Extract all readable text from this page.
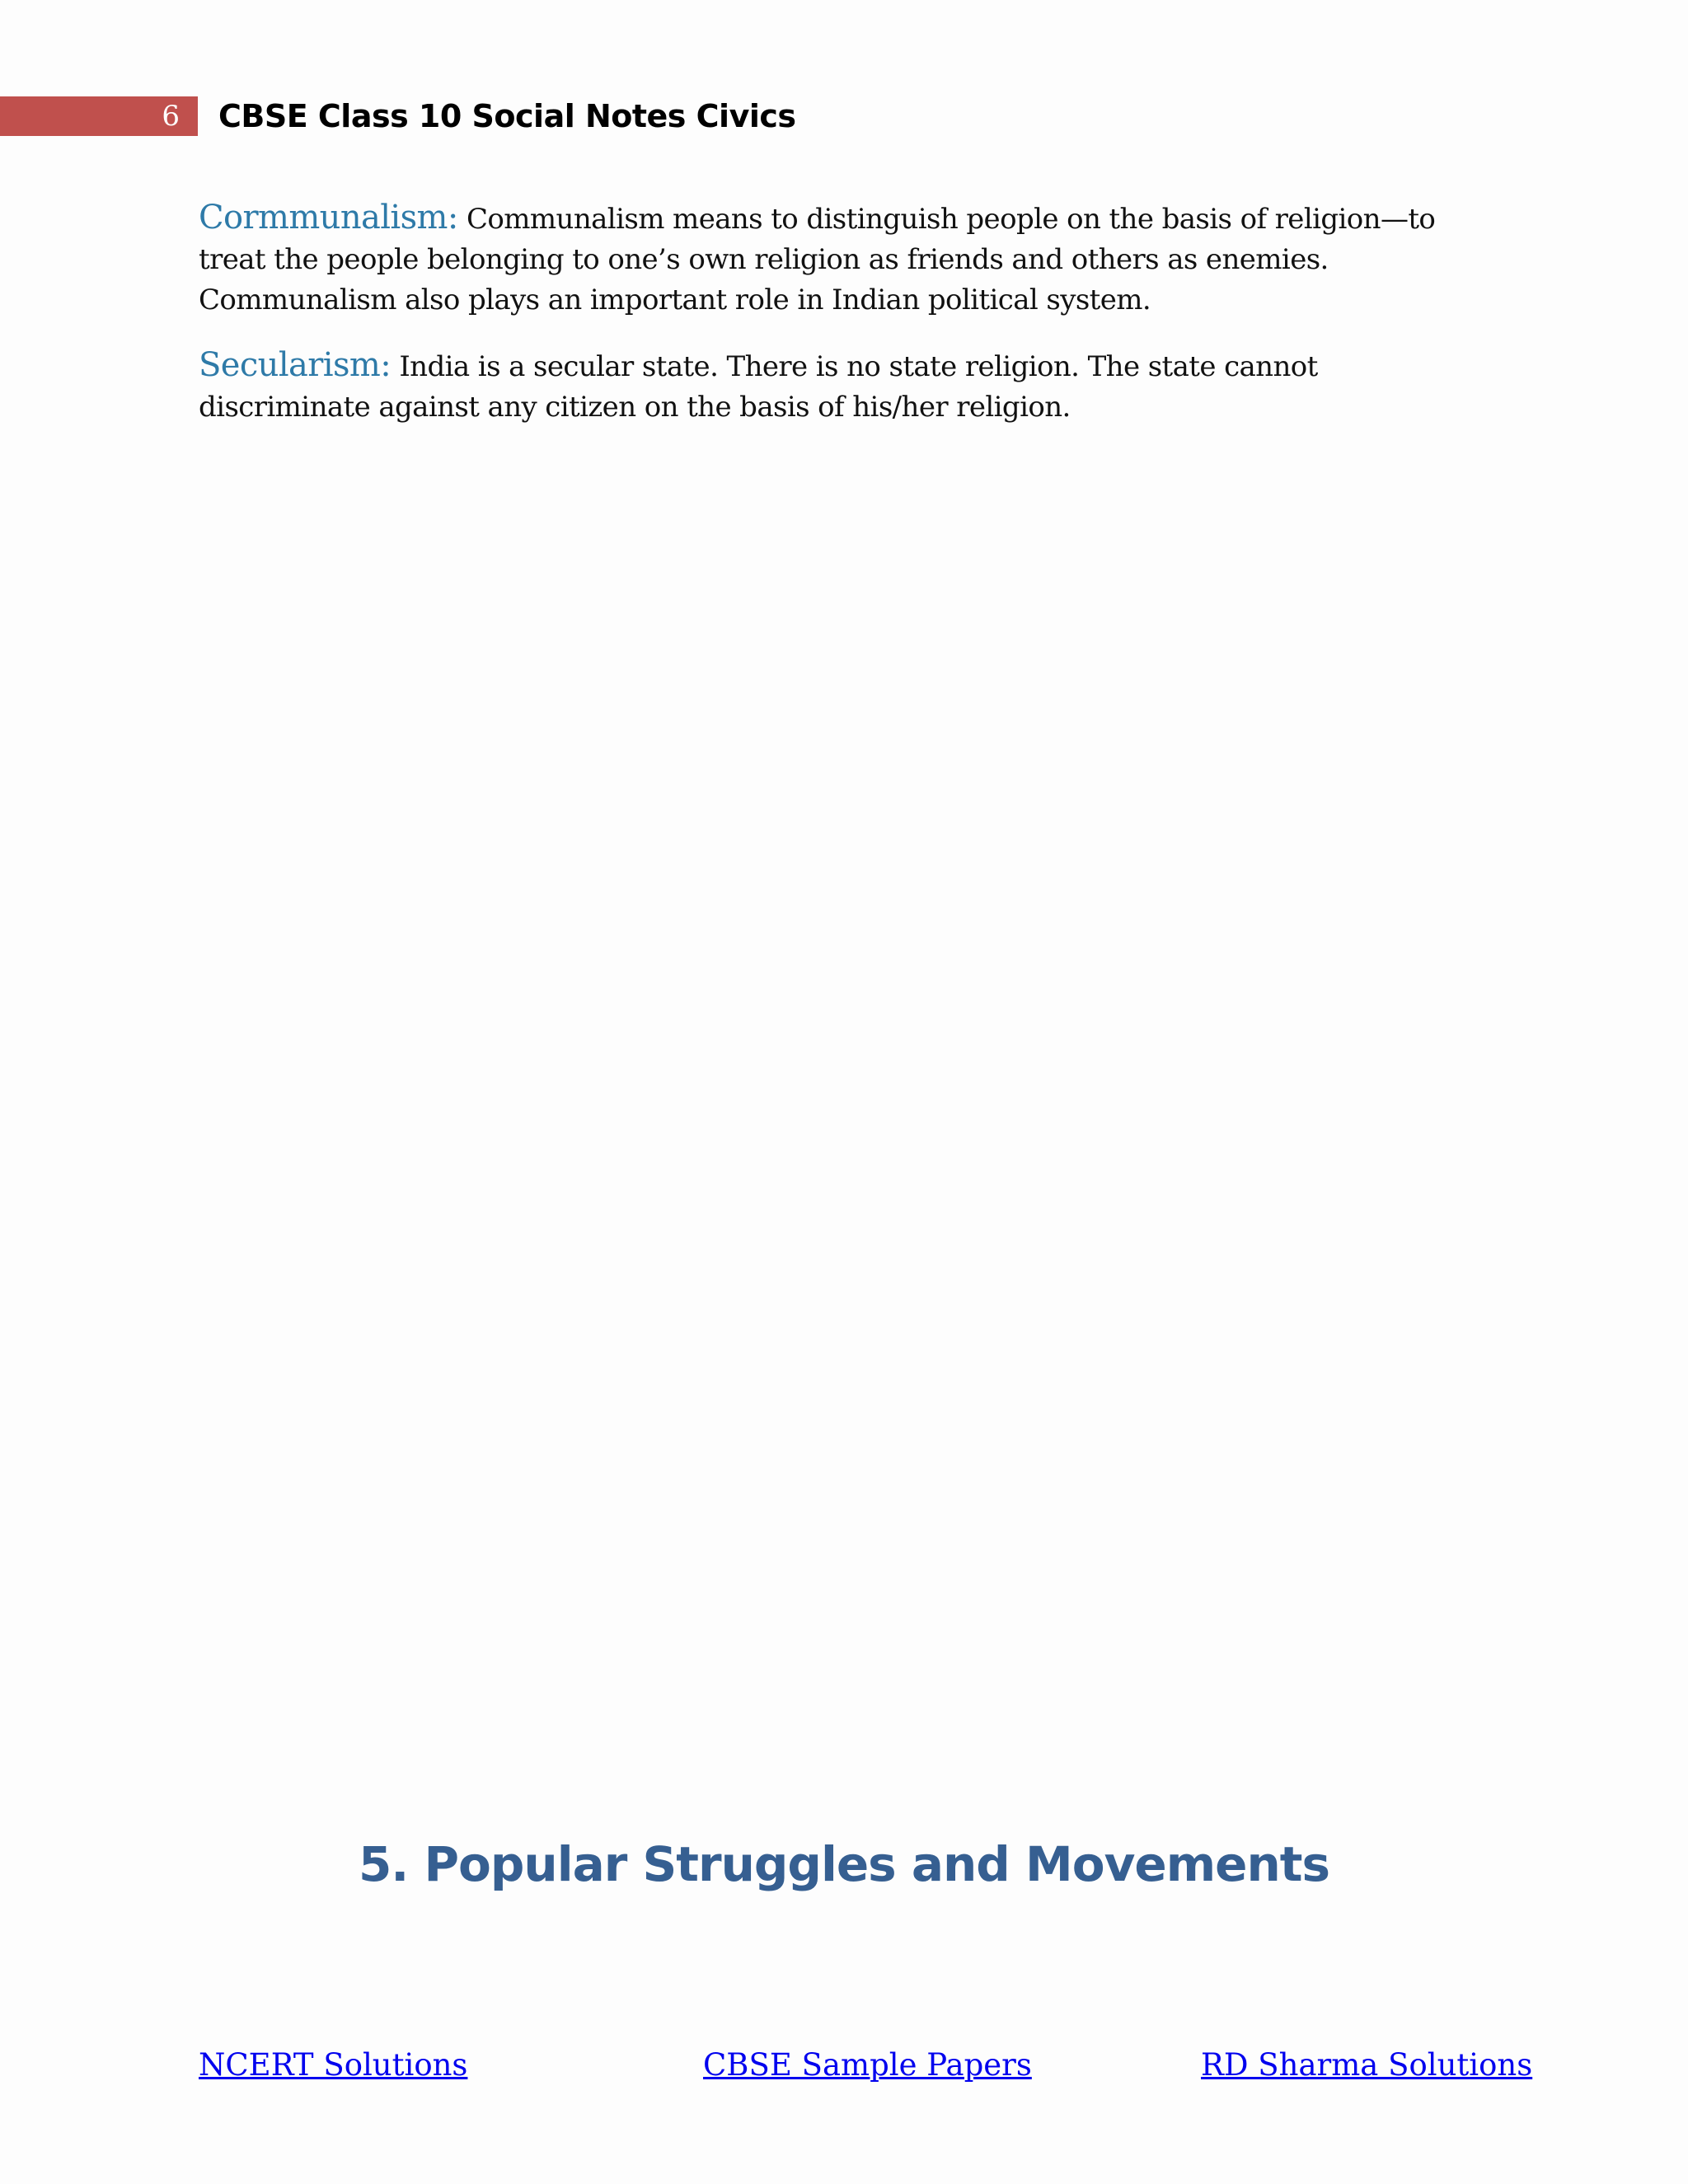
6 CBSE Class 10 Social Notes Civics

Cormmunalism: Communalism means to distinguish people on the basis of religion—to treat the people belonging to one’s own religion as friends and others as enemies. Communalism also plays an important role in Indian political system.

Secularism: India is a secular state. There is no state religion. The state cannot discriminate against any citizen on the basis of his/her religion.

5. Popular Struggles and Movements
NCERT Solutions	CBSE Sample Papers	RD Sharma Solutions
